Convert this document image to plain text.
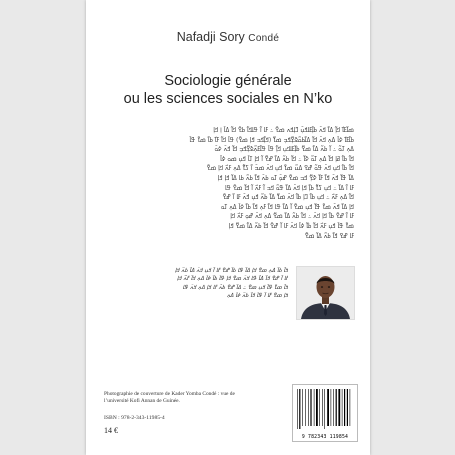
Nafadji Sory Condé
Sociologie générale
ou les sciences sociales en N’ko
ߘߊ߬ߓߊ߯ ߞߊ߲߬ ߡߊ߬ ߞߍ߫ ߕߊ߲߬ߓߊߞߎ߲߫ ߣߊ߲ߞߍ ߘߐ߫ ߸ ߓߊ ߊ߬ ߟߊߞߊ߬ ߕߐ߫ ߞߊ߬ ߡߊ߫ ߊ߲ ߞߊ߲
ߕߊ߬ߓߊ߯ ߦߊ߫ ߡߍ߲ ߞߍ߫ ߞߊ߬ ߡߊ߬ߕߋ߬ߢߐ߲߬ߞߏ߲ ߘߌ߬ (ߞߊ߲߬ߞߏ ߞߊ߲ ߘߐ߫) ߟߊ߫ ߞߊ߬ ߓߊ߯ ߕߊ߬ ߘߌ߫ ߟߊ߫
ߡߍ߲ ߠߋ߬ ߸ ߊ߬ ߕߍ߬ ߡߊ߬ ߘߐ߬ ߕߊ߲߬ߓߊߞߎ߲ ߞߊ߲߬ ߟߊ߫ ߟߊ߬ߓߍ߲߬ߢߐ߲߬ߞߏ߲ ߞߊ߬ ߞߍ߫ ߦߋ߫
ߞߊ߬ ߕߊ߬ ߥߊ߲ ߞߊ߬ ߡߍ߲ ߠߋ߬ ߢߊ߬ ߸ ߞߊ߬ ߕߍ߬ ߡߊ߬ ߝߐ߬ ߊ߬ ߞߊ߲ ߠߊ߫ ߞߎ߲ ߘߋ ߦߊ߫
ߞߊ߬ ߕߊ߬ ߞߎ߲ ߞߍ߫ ߟߋ߬ ߝߐ ߡߎ߬ ߘߌ߫ ߞߎ߲ ߞߍ߫ ߘߏ߫ ߊ߬ ߖߌ߬ ߡߍ߲ ߓߍ߯ ߞߊ߲ ߘߐ߫
ߡߊ߬ ߟߊ߬ ߞߍ߫ ߞߊ߬ ߓߊ߬ ߢߐ߲߬ ߞߏ ߘߐ߫ ߝߋ߲߫ ߠߋ ߕߍ߫ ߞߊ߬ ߕߍ߬ ߕߊ ߡߊ߬ ߞߊ߲ ߞߊ߲
ߓߊ ߊ߬ ߡߊ߬ ߸ ߞߎ߲ ߖߌ߬ ߕߊ߲߬ ߞߊ߲ ߞߍ߫ ߡߊ߬ ߟߋ߬ ߞߏ ߊ߬ ߓߍ߯ ߊ߬ ߞߊ߬ ߘߐ߫ ߟߊ
ߞߊ߬ ߡߍ߲ ߓߍ߯ ߸ ߞߎ߲ ߕߊ߬ ߣߊ߲ ߕߊ߬ ߞߍ߫ ߘߌ߬ ߡߊ߬ ߕߍ߬ ߞߎ߲ ߞߍ߫ ߓߊ ߊ߬ ߝߐ߫
ߞߊ߲ ߡߊ߬ ߞߍ߫ ߘߌ߫ ߟߊ߬ ߞߎ߲ ߘߐ߫ ߊ߬ ߡߊ߬ ߟߊ ߞߊ߬ ߓߍ߲ ߞߊ߬ ߕߊ߬ ߦߊ߫ ߡߍ߲ ߠߋ
ߓߊ ߊ߬ ߝߐ߫ ߕߊ߬ ߞߊ߲ ߞߍ߫ ߸ ߞߊ߬ ߕߍ߬ ߡߊ߬ ߘߐ߬ ߡߍ߲ ߞߍ߫ ߝߋ߲ ߓߍ߯ ߞߊ߲
ߘߌ߫ ߟߊ߫ ߞߎ߲ ߓߍ߯ ߞߊ߬ ߕߊ߬ ߦߊ߫ ߞߍ߫ ߓߊ ߊ߬ ߝߐ߫ ߞߊ߬ ߕߍ߬ ߡߊ߬ ߘߐ߬ ߞߊ߲
ߓߊ ߝߐ ߞߊ߬ ߕߍ߬ ߡߊ߬ ߘߐ߬
ߞߊ߬ ߕߊ߬ ߡߍ߲ ߘߐ߫ ߞߊ߲ ߡߊ߬ ߟߊ ߕߊ߬ ߝߐ߫ ߓߊ ߊ߬ ߞߎ߲ ߞߍ߫ ߡߊ߬ ߕߍ߬ ߞߊ߲
ߓߊ ߊ߬ ߝߐ߫ ߞߊ߬ ߡߊ߬ ߟߊ ߞߍ߫ ߘߐ߫ ߞߊ߲ ߟߊ߫ ߕߊ߬ ߦߊ߫ ߡߍ߲ ߞߊ߬ ߓߍ߯ ߞߊ߲
ߞߊ߬ ߘߌ߫ ߟߊ߬ ߞߎ߲ ߘߐ߫ ߸ ߡߊ߬ ߝߐ߫ ߕߍ߬ ߓߊ ߞߊ߲ ߡߍ߲ ߞߍ߫ ߟߊ
ߞߊ߲ ߘߐ߫ ߓߊ ߊ߬ ߟߊ߫ ߞߊ߬ ߕߍ߬ ߦߊ߫ ߡߍ߲
Photographie de couverture de Kader Yomba Condé : vue de l’université Kofi Annan de Guinée.
ISBN : 978-2-343-11985-4
14 €
9 782343 119854
